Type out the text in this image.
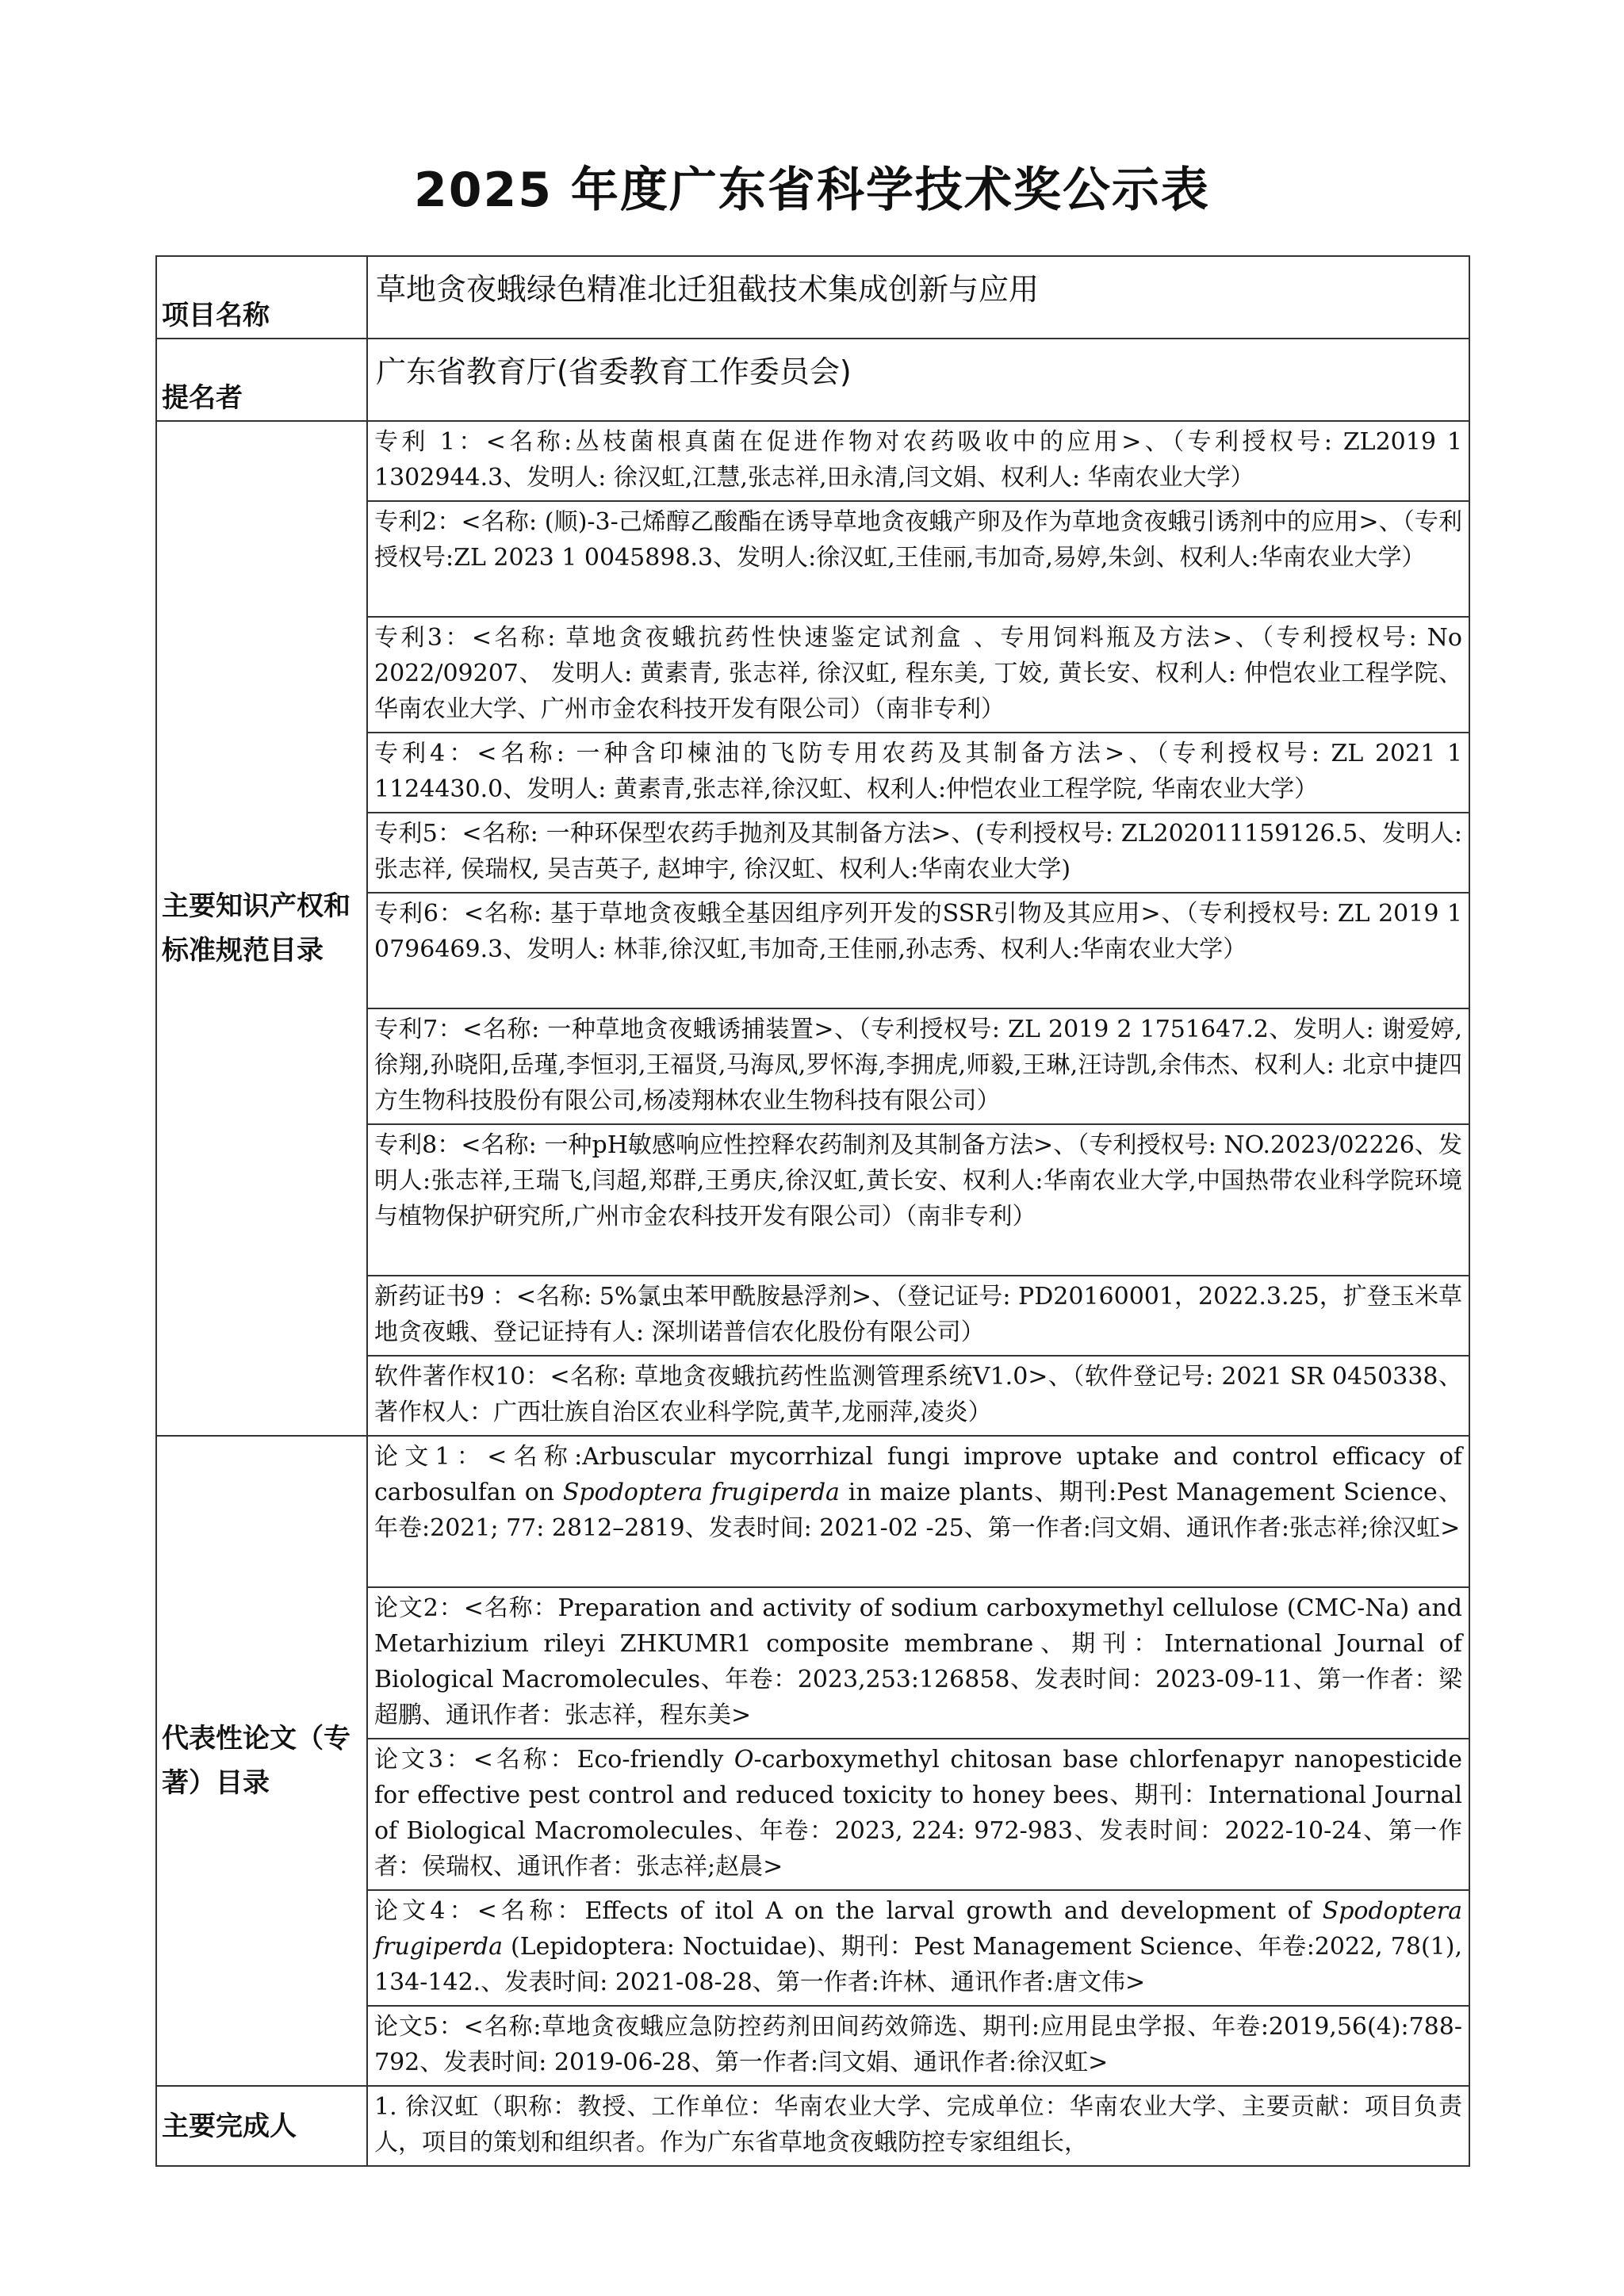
2025 年度广东省科学技术奖公示表
项目名称	草地贪夜蛾绿色精准北迁狙截技术集成创新与应用
提名者	广东省教育厅(省委教育工作委员会)
主要知识产权和标准规范目录	专利 1：<名称:丛枝菌根真菌在促进作物对农药吸收中的应用>、（专利授权号: ZL2019 1 1302944.3、发明人: 徐汉虹,江慧,张志祥,田永清,闫文娟、权利人: 华南农业大学）
	专利2：<名称: (顺)-3-己烯醇乙酸酯在诱导草地贪夜蛾产卵及作为草地贪夜蛾引诱剂中的应用>、（专利授权号:ZL 2023 1 0045898.3、发明人:徐汉虹,王佳丽,韦加奇,易婷,朱剑、权利人:华南农业大学）
	专利3：<名称: 草地贪夜蛾抗药性快速鉴定试剂盒 、专用饲料瓶及方法>、（专利授权号: No 2022/09207、 发明人: 黄素青, 张志祥, 徐汉虹, 程东美, 丁姣, 黄长安、权利人: 仲恺农业工程学院、华南农业大学、广州市金农科技开发有限公司）（南非专利）
	专利4：<名称: 一种含印楝油的飞防专用农药及其制备方法>、（专利授权号: ZL 2021 1 1124430.0、发明人: 黄素青,张志祥,徐汉虹、权利人:仲恺农业工程学院, 华南农业大学）
	专利5：<名称: 一种环保型农药手抛剂及其制备方法>、(专利授权号: ZL202011159126.5、发明人: 张志祥, 侯瑞权, 吴吉英子, 赵坤宇, 徐汉虹、权利人:华南农业大学)
	专利6：<名称: 基于草地贪夜蛾全基因组序列开发的SSR引物及其应用>、（专利授权号: ZL 2019 1 0796469.3、发明人: 林菲,徐汉虹,韦加奇,王佳丽,孙志秀、权利人:华南农业大学）
	专利7：<名称: 一种草地贪夜蛾诱捕装置>、（专利授权号: ZL 2019 2 1751647.2、发明人: 谢爱婷,徐翔,孙晓阳,岳瑾,李恒羽,王福贤,马海凤,罗怀海,李拥虎,师毅,王琳,汪诗凯,余伟杰、权利人: 北京中捷四方生物科技股份有限公司,杨凌翔林农业生物科技有限公司）
	专利8：<名称: 一种pH敏感响应性控释农药制剂及其制备方法>、（专利授权号: NO.2023/02226、发明人:张志祥,王瑞飞,闫超,郑群,王勇庆,徐汉虹,黄长安、权利人:华南农业大学,中国热带农业科学院环境与植物保护研究所,广州市金农科技开发有限公司）（南非专利）
	新药证书9 ：<名称: 5%氯虫苯甲酰胺悬浮剂>、（登记证号: PD20160001，2022.3.25，扩登玉米草地贪夜蛾、登记证持有人: 深圳诺普信农化股份有限公司）
	软件著作权10：<名称: 草地贪夜蛾抗药性监测管理系统V1.0>、（软件登记号: 2021 SR 0450338、著作权人：广西壮族自治区农业科学院,黄芊,龙丽萍,凌炎）
代表性论文（专著）目录	论文1：<名称:Arbuscular mycorrhizal fungi improve uptake and control efficacy of carbosulfan on Spodoptera frugiperda in maize plants、期刊:Pest Management Science、年卷:2021; 77: 2812–2819、发表时间: 2021-02 -25、第一作者:闫文娟、通讯作者:张志祥;徐汉虹>
	论文2：<名称：Preparation and activity of sodium carboxymethyl cellulose (CMC-Na) and Metarhizium rileyi ZHKUMR1 composite membrane、期刊：International Journal of Biological Macromolecules、年卷：2023,253:126858、发表时间：2023-09-11、第一作者：梁超鹏、通讯作者：张志祥，程东美>
	论文3：<名称：Eco-friendly O-carboxymethyl chitosan base chlorfenapyr nanopesticide for effective pest control and reduced toxicity to honey bees、期刊：International Journal of Biological Macromolecules、年卷：2023, 224: 972-983、发表时间：2022-10-24、第一作者：侯瑞权、通讯作者：张志祥;赵晨>
	论文4：<名称：Effects of itol A on the larval growth and development of Spodoptera frugiperda (Lepidoptera: Noctuidae)、期刊：Pest Management Science、年卷:2022, 78(1), 134-142.、发表时间: 2021-08-28、第一作者:许林、通讯作者:唐文伟>
	论文5：<名称:草地贪夜蛾应急防控药剂田间药效筛选、期刊:应用昆虫学报、年卷:2019,56(4):788-792、发表时间: 2019-06-28、第一作者:闫文娟、通讯作者:徐汉虹>
主要完成人	1. 徐汉虹（职称：教授、工作单位：华南农业大学、完成单位：华南农业大学、主要贡献：项目负责人，项目的策划和组织者。作为广东省草地贪夜蛾防控专家组组长，
